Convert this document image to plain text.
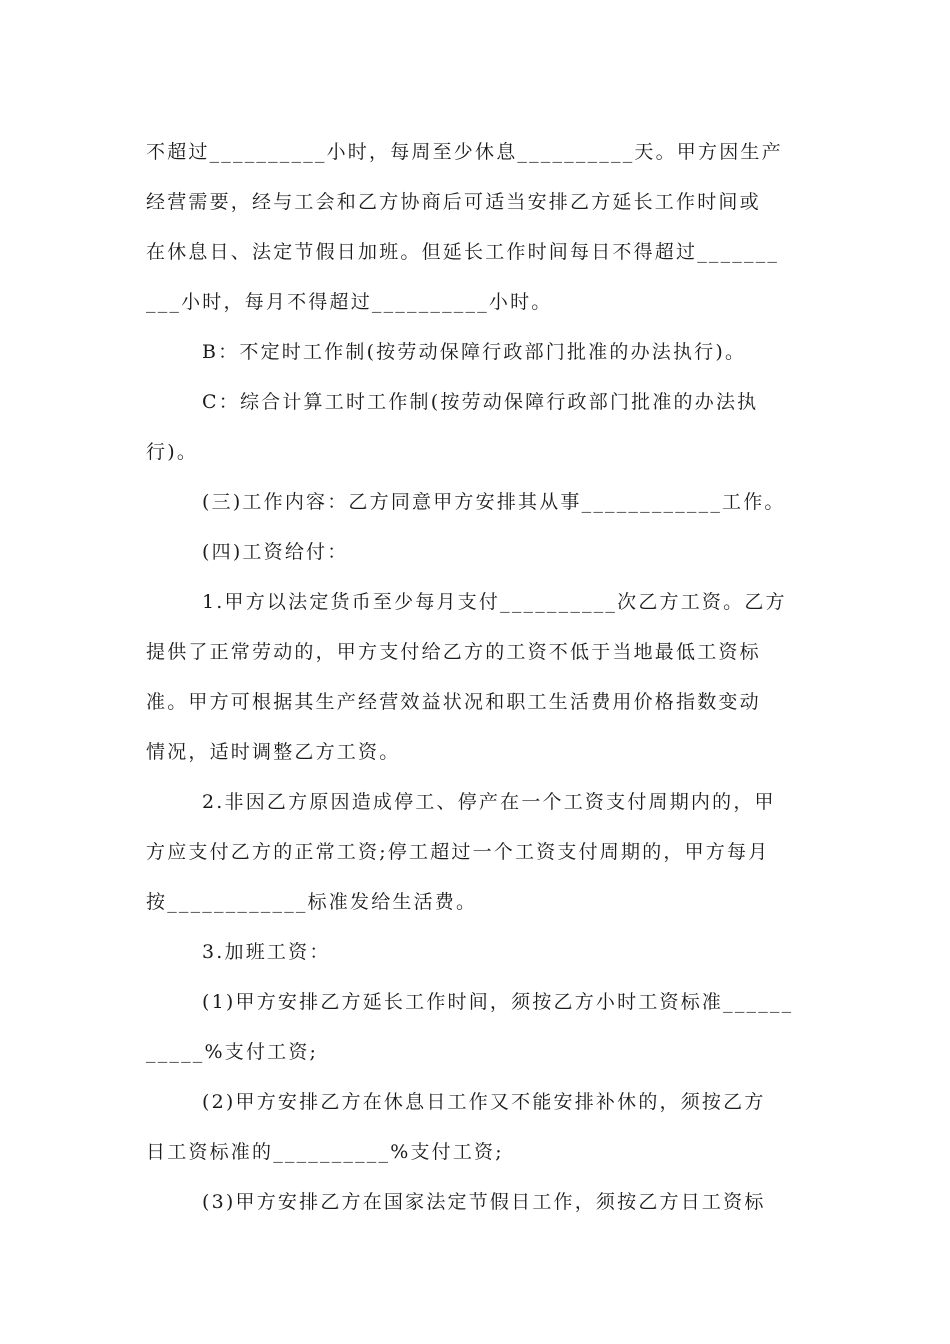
不超过__________小时，每周至少休息__________天。甲方因生产
经营需要，经与工会和乙方协商后可适当安排乙方延长工作时间或
在休息日、法定节假日加班。但延长工作时间每日不得超过_______
___小时，每月不得超过__________小时。
B：不定时工作制(按劳动保障行政部门批准的办法执行)。
C：综合计算工时工作制(按劳动保障行政部门批准的办法执
行)。
(三)工作内容：乙方同意甲方安排其从事____________工作。
(四)工资给付：
1.甲方以法定货币至少每月支付__________次乙方工资。乙方
提供了正常劳动的，甲方支付给乙方的工资不低于当地最低工资标
准。甲方可根据其生产经营效益状况和职工生活费用价格指数变动
情况，适时调整乙方工资。
2.非因乙方原因造成停工、停产在一个工资支付周期内的，甲
方应支付乙方的正常工资;停工超过一个工资支付周期的，甲方每月
按____________标准发给生活费。
3.加班工资：
(1)甲方安排乙方延长工作时间，须按乙方小时工资标准______
_____%支付工资;
(2)甲方安排乙方在休息日工作又不能安排补休的，须按乙方
日工资标准的__________%支付工资;
(3)甲方安排乙方在国家法定节假日工作，须按乙方日工资标
